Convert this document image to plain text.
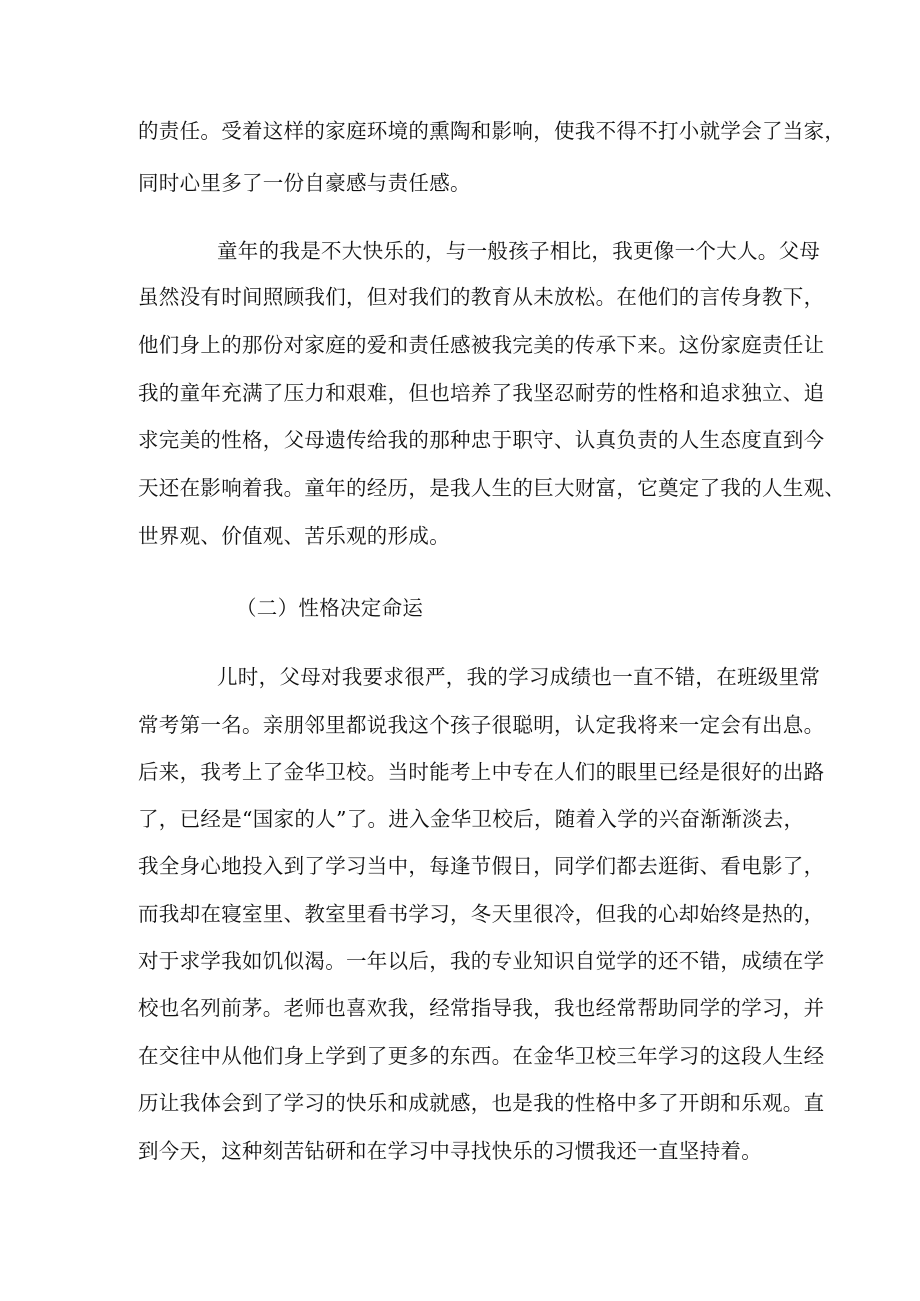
的责任。受着这样的家庭环境的熏陶和影响，使我不得不打小就学会了当家，
同时心里多了一份自豪感与责任感。
童年的我是不大快乐的，与一般孩子相比，我更像一个大人。父母
虽然没有时间照顾我们，但对我们的教育从未放松。在他们的言传身教下，
他们身上的那份对家庭的爱和责任感被我完美的传承下来。这份家庭责任让
我的童年充满了压力和艰难，但也培养了我坚忍耐劳的性格和追求独立、追
求完美的性格，父母遗传给我的那种忠于职守、认真负责的人生态度直到今
天还在影响着我。童年的经历，是我人生的巨大财富，它奠定了我的人生观、
世界观、价值观、苦乐观的形成。
（二）性格决定命运
儿时，父母对我要求很严，我的学习成绩也一直不错，在班级里常
常考第一名。亲朋邻里都说我这个孩子很聪明，认定我将来一定会有出息。
后来，我考上了金华卫校。当时能考上中专在人们的眼里已经是很好的出路
了，已经是“国家的人”了。进入金华卫校后，随着入学的兴奋渐渐淡去，
我全身心地投入到了学习当中，每逢节假日，同学们都去逛街、看电影了，
而我却在寝室里、教室里看书学习，冬天里很冷，但我的心却始终是热的，
对于求学我如饥似渴。一年以后，我的专业知识自觉学的还不错，成绩在学
校也名列前茅。老师也喜欢我，经常指导我，我也经常帮助同学的学习，并
在交往中从他们身上学到了更多的东西。在金华卫校三年学习的这段人生经
历让我体会到了学习的快乐和成就感，也是我的性格中多了开朗和乐观。直
到今天，这种刻苦钻研和在学习中寻找快乐的习惯我还一直坚持着。
